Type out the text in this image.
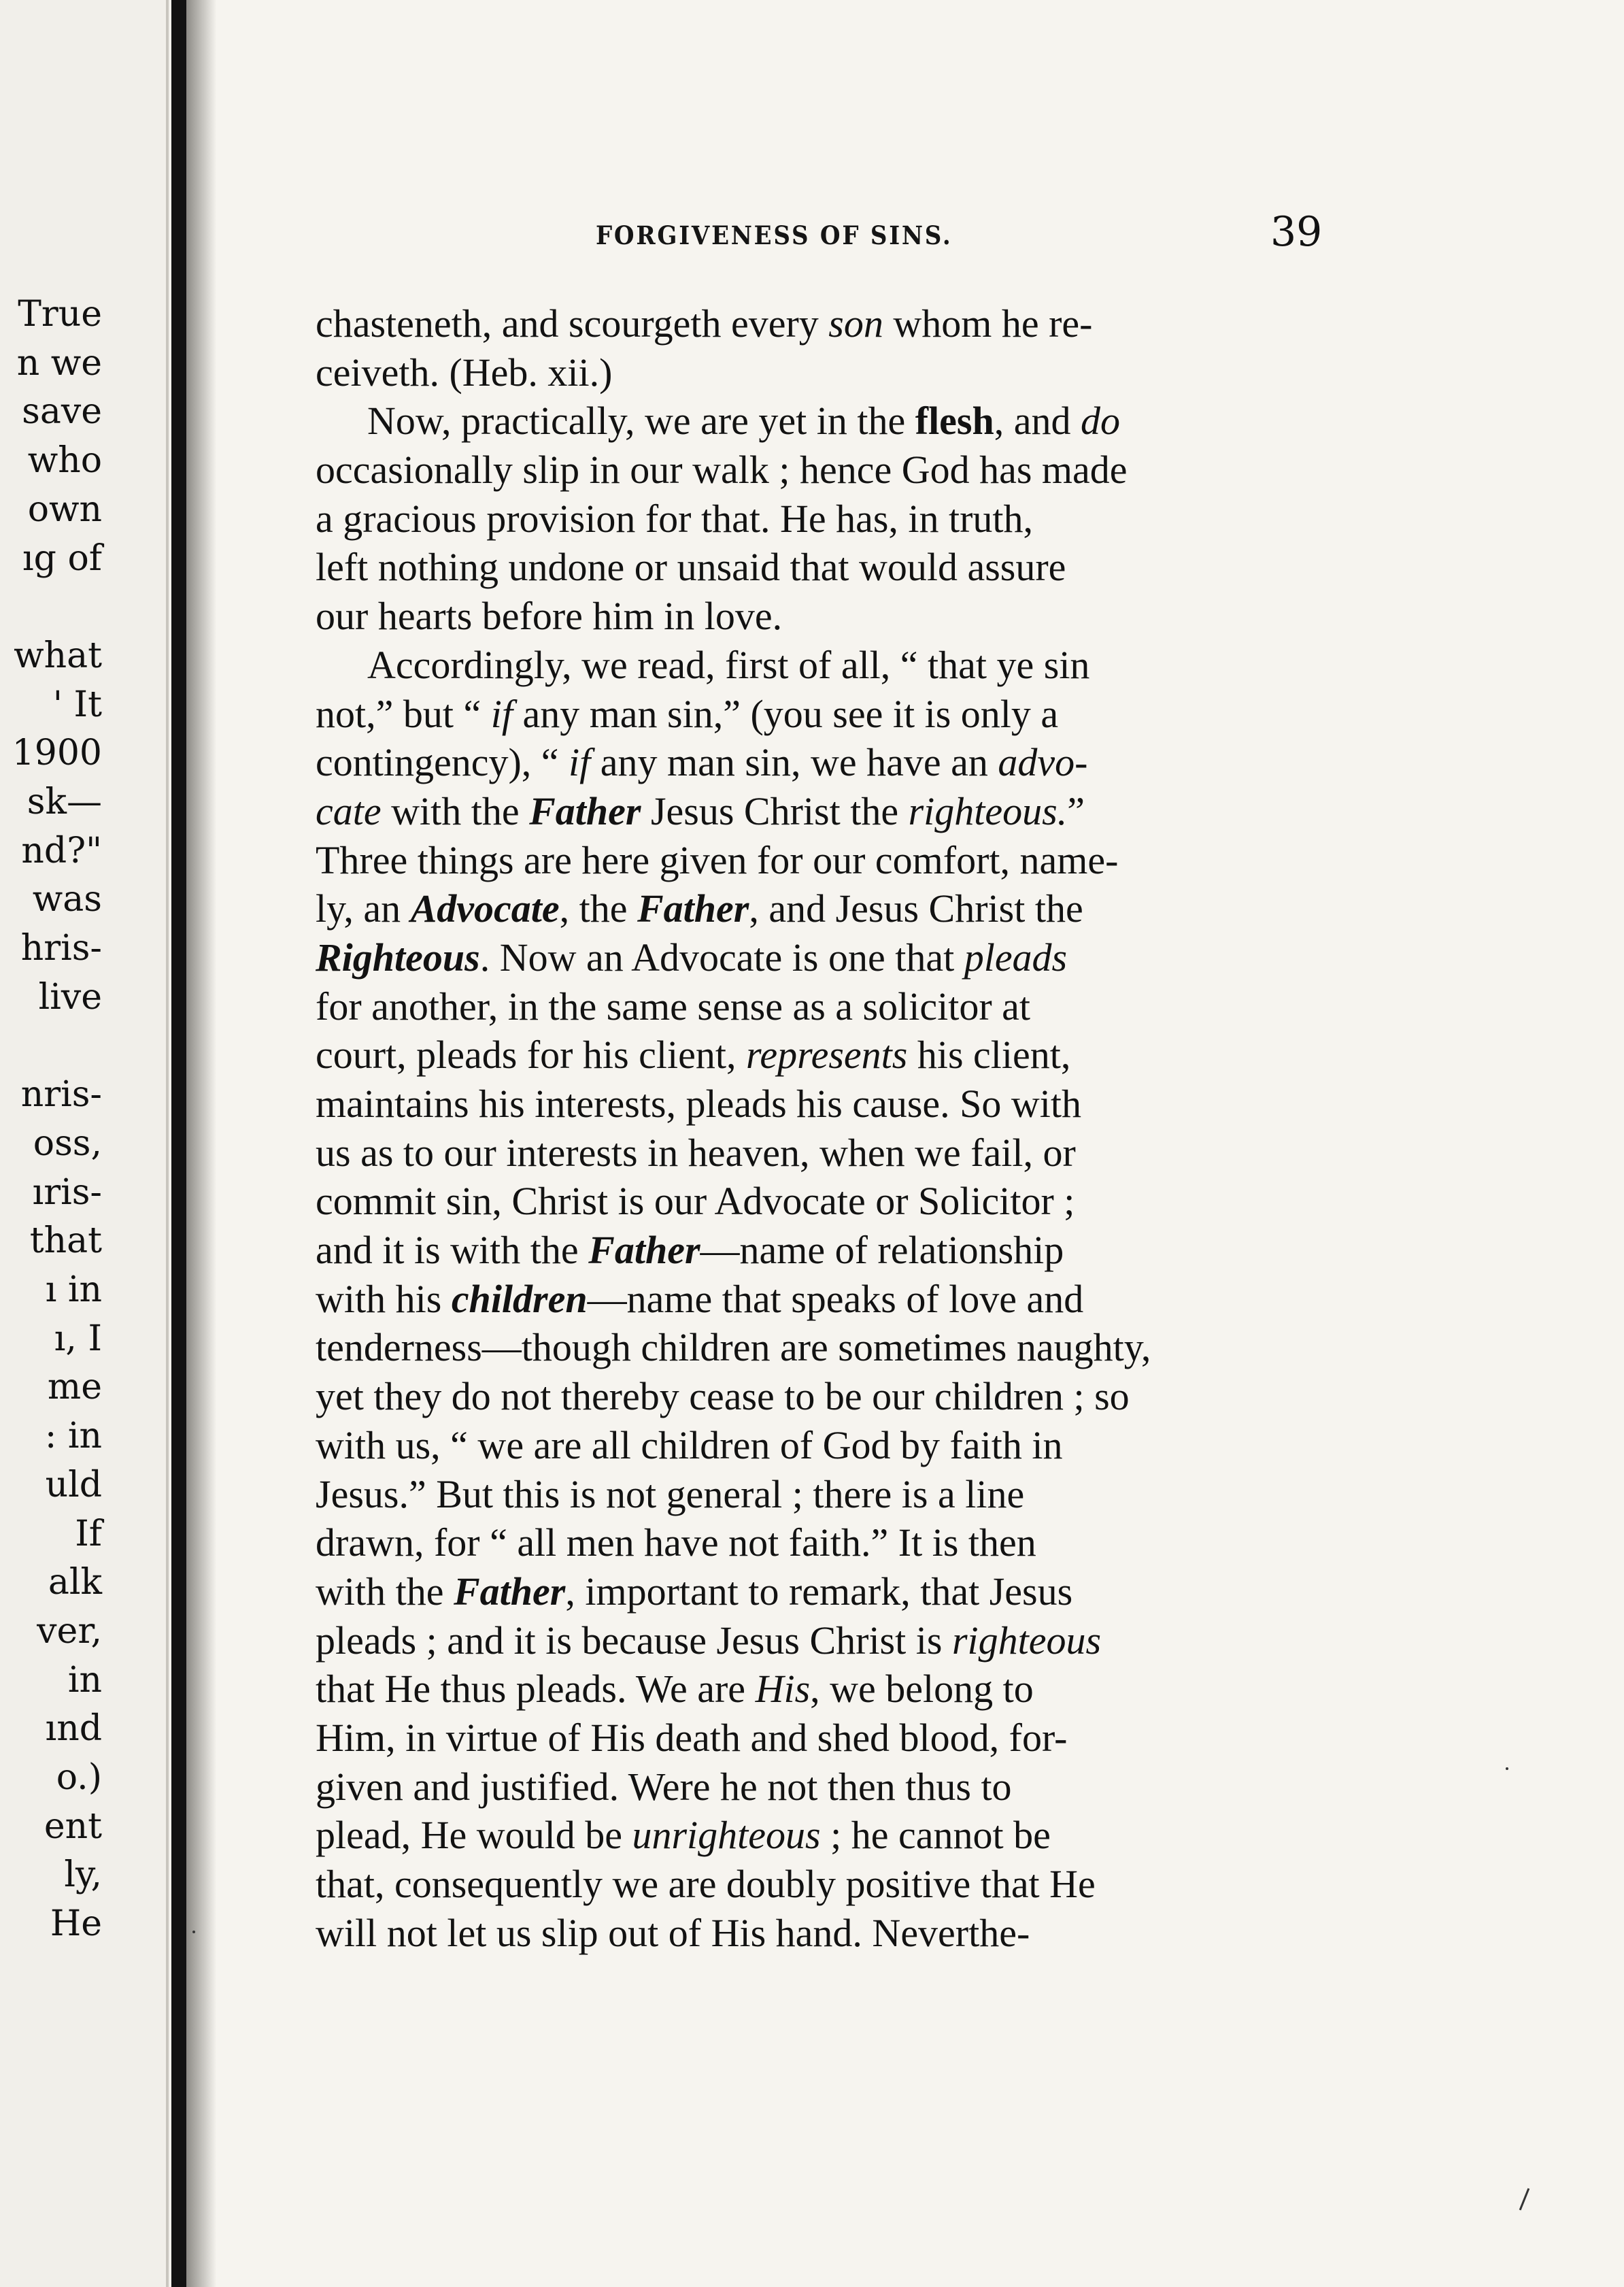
True
n we
save
who
own
ıg of
what
' It
1900
sk—
nd?"
was
hris-
live
nris-
oss,
ıris-
that
ı in
ı, I
me
: in
uld
If
alk
ver,
in
ınd
o.)
ent
ly,
He
FORGIVENESS OF SINS.	39
chasteneth, and scourgeth every son whom he re-
ceiveth. (Heb. xii.)
Now, practically, we are yet in the flesh, and do
occasionally slip in our walk ; hence God has made
a gracious provision for that. He has, in truth,
left nothing undone or unsaid that would assure
our hearts before him in love.
Accordingly, we read, first of all, “ that ye sin
not,” but “ if any man sin,” (you see it is only a
contingency), “ if any man sin, we have an advo-
cate with the Father Jesus Christ the righteous.”
Three things are here given for our comfort, name-
ly, an Advocate, the Father, and Jesus Christ the
Righteous. Now an Advocate is one that pleads
for another, in the same sense as a solicitor at
court, pleads for his client, represents his client,
maintains his interests, pleads his cause. So with
us as to our interests in heaven, when we fail, or
commit sin, Christ is our Advocate or Solicitor ;
and it is with the Father—name of relationship
with his children—name that speaks of love and
tenderness—though children are sometimes naughty,
yet they do not thereby cease to be our children ; so
with us, “ we are all children of God by faith in
Jesus.” But this is not general ; there is a line
drawn, for “ all men have not faith.” It is then
with the Father, important to remark, that Jesus
pleads ; and it is because Jesus Christ is righteous
that He thus pleads. We are His, we belong to
Him, in virtue of His death and shed blood, for-
given and justified. Were he not then thus to
plead, He would be unrighteous ; he cannot be
that, consequently we are doubly positive that He
will not let us slip out of His hand. Neverthe-
